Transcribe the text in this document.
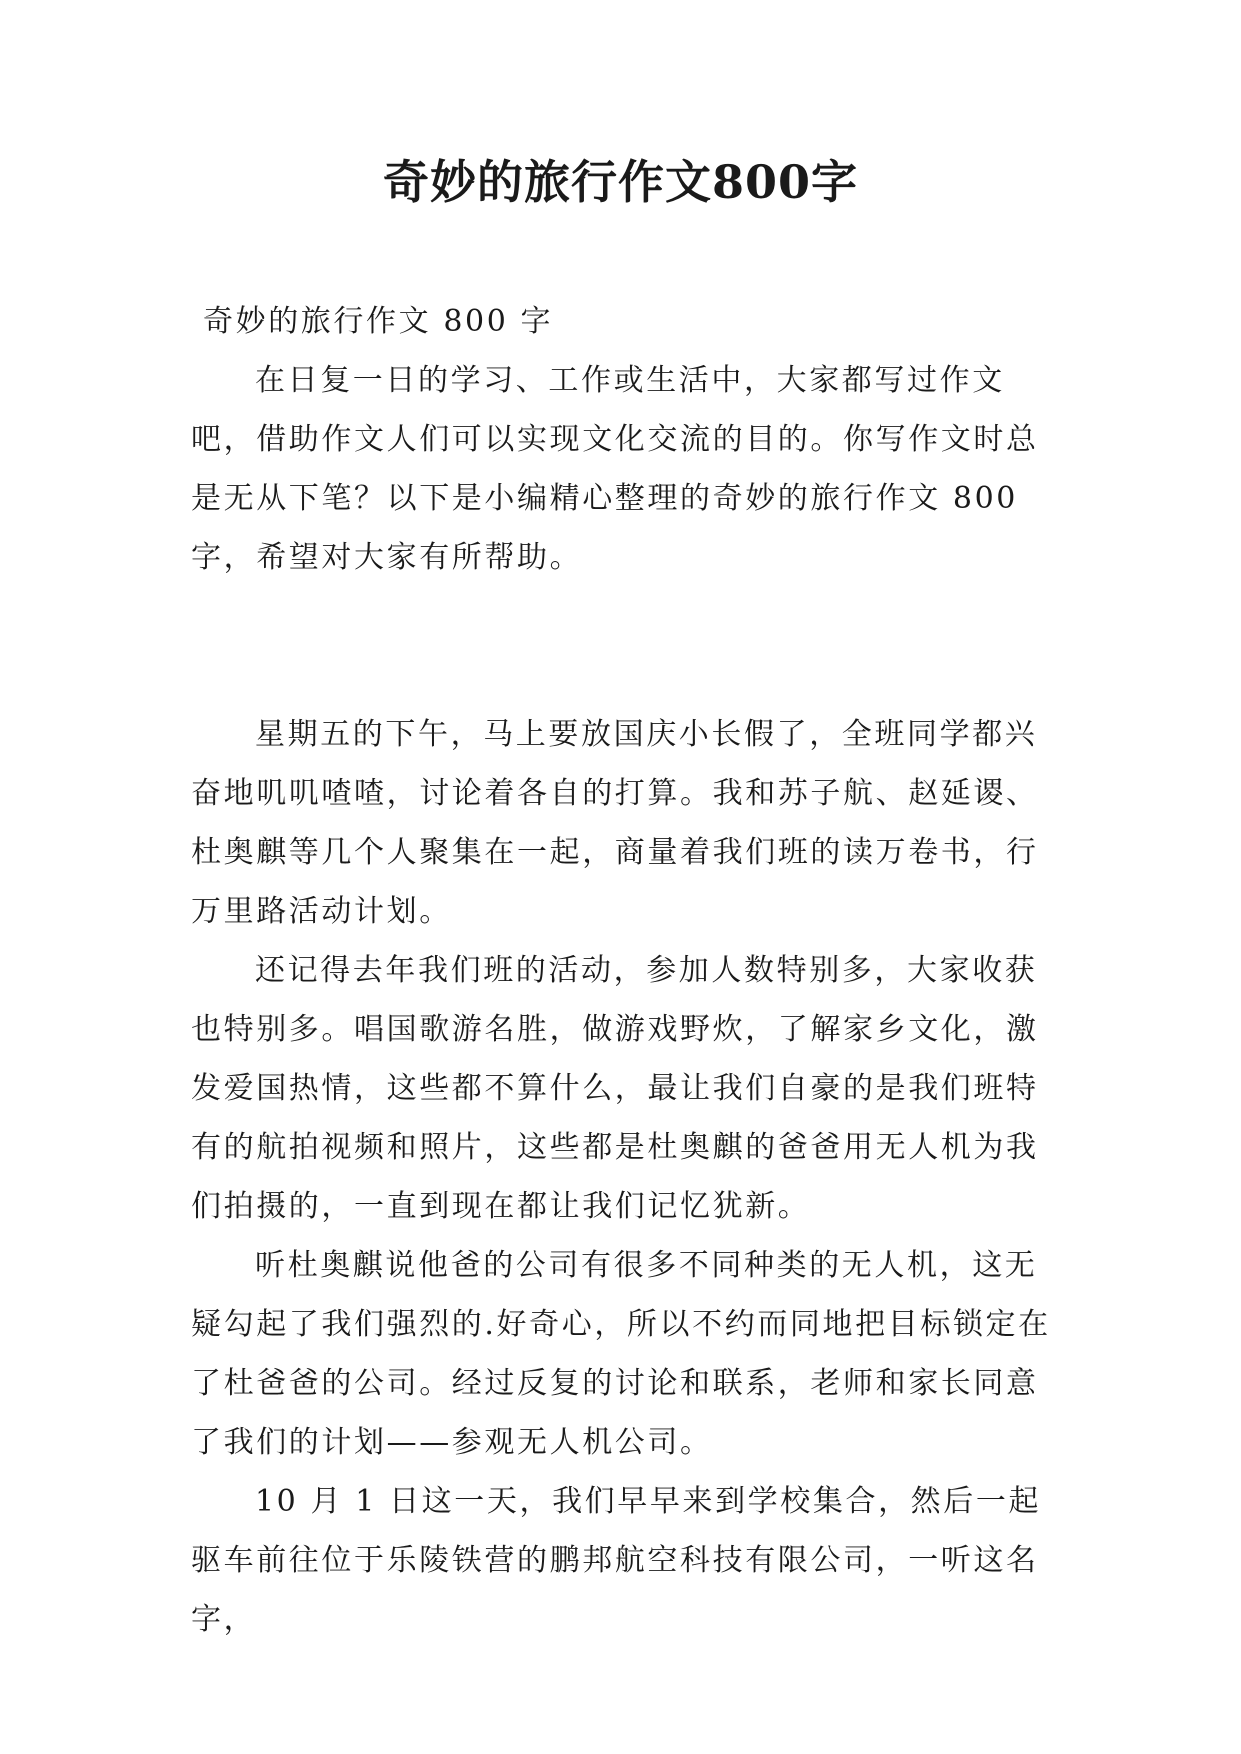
奇妙的旅行作文800字

奇妙的旅行作文 800 字

在日复一日的学习、工作或生活中，大家都写过作文吧，借助作文人们可以实现文化交流的目的。你写作文时总是无从下笔？以下是小编精心整理的奇妙的旅行作文 800 字，希望对大家有所帮助。

星期五的下午，马上要放国庆小长假了，全班同学都兴奋地叽叽喳喳，讨论着各自的打算。我和苏子航、赵延谡、杜奥麒等几个人聚集在一起，商量着我们班的读万卷书，行万里路活动计划。

还记得去年我们班的活动，参加人数特别多，大家收获也特别多。唱国歌游名胜，做游戏野炊，了解家乡文化，激发爱国热情，这些都不算什么，最让我们自豪的是我们班特有的航拍视频和照片，这些都是杜奥麒的爸爸用无人机为我们拍摄的，一直到现在都让我们记忆犹新。

听杜奥麒说他爸的公司有很多不同种类的无人机，这无疑勾起了我们强烈的.好奇心，所以不约而同地把目标锁定在了杜爸爸的公司。经过反复的讨论和联系，老师和家长同意了我们的计划——参观无人机公司。

10 月 1 日这一天，我们早早来到学校集合，然后一起驱车前往位于乐陵铁营的鹏邦航空科技有限公司，一听这名字，
